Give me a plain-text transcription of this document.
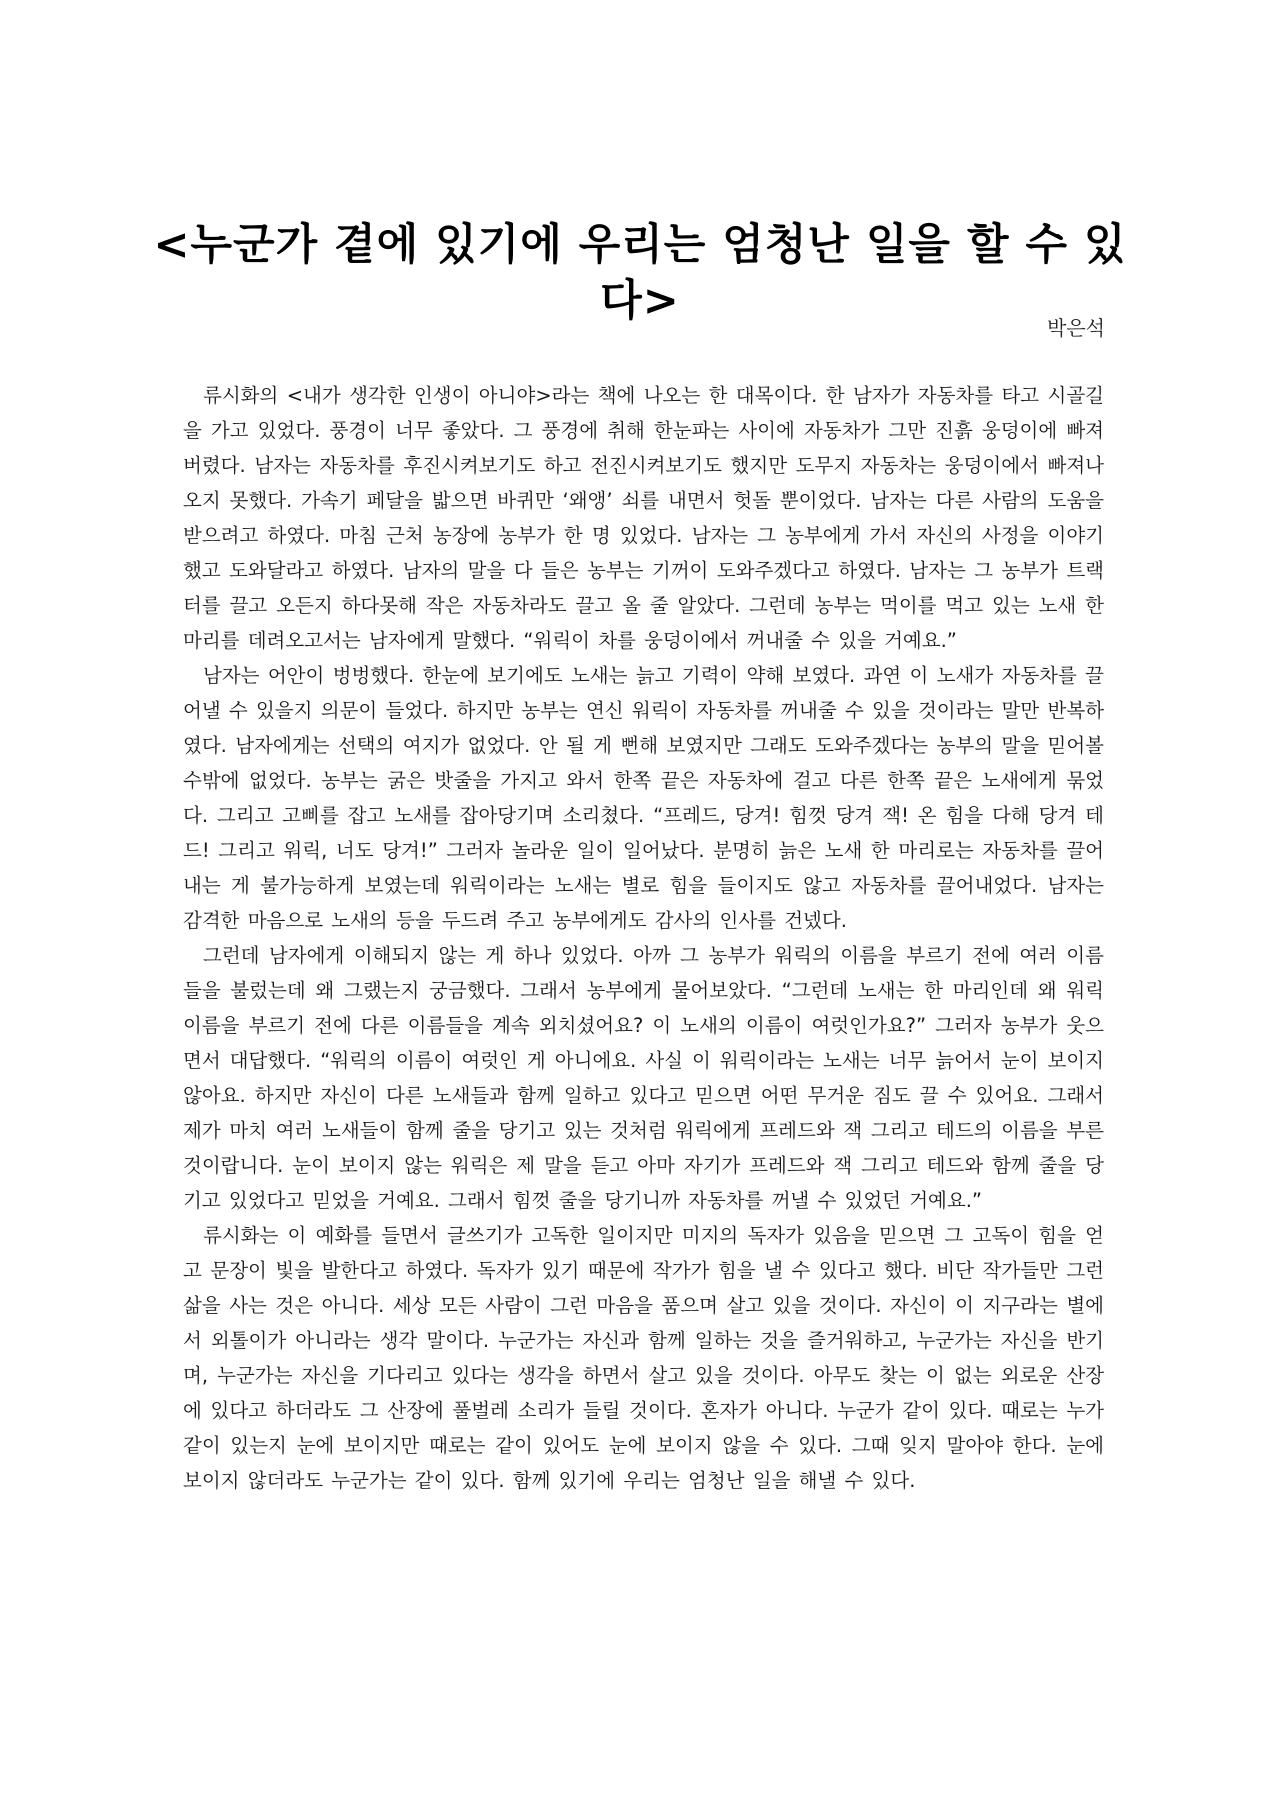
<누군가 곁에 있기에 우리는 엄청난 일을 할 수 있다>
박은석

류시화의 <내가 생각한 인생이 아니야>라는 책에 나오는 한 대목이다. 한 남자가 자동차를 타고 시골길을 가고 있었다. 풍경이 너무 좋았다. 그 풍경에 취해 한눈파는 사이에 자동차가 그만 진흙 웅덩이에 빠져버렸다. 남자는 자동차를 후진시켜보기도 하고 전진시켜보기도 했지만 도무지 자동차는 웅덩이에서 빠져나오지 못했다. 가속기 페달을 밟으면 바퀴만 ‘왜앵’ 쇠를 내면서 헛돌 뿐이었다. 남자는 다른 사람의 도움을 받으려고 하였다. 마침 근처 농장에 농부가 한 명 있었다. 남자는 그 농부에게 가서 자신의 사정을 이야기했고 도와달라고 하였다. 남자의 말을 다 들은 농부는 기꺼이 도와주겠다고 하였다. 남자는 그 농부가 트랙터를 끌고 오든지 하다못해 작은 자동차라도 끌고 올 줄 알았다. 그런데 농부는 먹이를 먹고 있는 노새 한 마리를 데려오고서는 남자에게 말했다. “워릭이 차를 웅덩이에서 꺼내줄 수 있을 거예요.”

남자는 어안이 벙벙했다. 한눈에 보기에도 노새는 늙고 기력이 약해 보였다. 과연 이 노새가 자동차를 끌어낼 수 있을지 의문이 들었다. 하지만 농부는 연신 워릭이 자동차를 꺼내줄 수 있을 것이라는 말만 반복하였다. 남자에게는 선택의 여지가 없었다. 안 될 게 뻔해 보였지만 그래도 도와주겠다는 농부의 말을 믿어볼 수밖에 없었다. 농부는 굵은 밧줄을 가지고 와서 한쪽 끝은 자동차에 걸고 다른 한쪽 끝은 노새에게 묶었다. 그리고 고삐를 잡고 노새를 잡아당기며 소리쳤다. “프레드, 당겨! 힘껏 당겨 잭! 온 힘을 다해 당겨 테드! 그리고 워릭, 너도 당겨!” 그러자 놀라운 일이 일어났다. 분명히 늙은 노새 한 마리로는 자동차를 끌어내는 게 불가능하게 보였는데 워릭이라는 노새는 별로 힘을 들이지도 않고 자동차를 끌어내었다. 남자는 감격한 마음으로 노새의 등을 두드려 주고 농부에게도 감사의 인사를 건넸다.

그런데 남자에게 이해되지 않는 게 하나 있었다. 아까 그 농부가 워릭의 이름을 부르기 전에 여러 이름들을 불렀는데 왜 그랬는지 궁금했다. 그래서 농부에게 물어보았다. “그런데 노새는 한 마리인데 왜 워릭 이름을 부르기 전에 다른 이름들을 계속 외치셨어요? 이 노새의 이름이 여럿인가요?” 그러자 농부가 웃으면서 대답했다. “워릭의 이름이 여럿인 게 아니에요. 사실 이 워릭이라는 노새는 너무 늙어서 눈이 보이지 않아요. 하지만 자신이 다른 노새들과 함께 일하고 있다고 믿으면 어떤 무거운 짐도 끌 수 있어요. 그래서 제가 마치 여러 노새들이 함께 줄을 당기고 있는 것처럼 워릭에게 프레드와 잭 그리고 테드의 이름을 부른 것이랍니다. 눈이 보이지 않는 워릭은 제 말을 듣고 아마 자기가 프레드와 잭 그리고 테드와 함께 줄을 당기고 있었다고 믿었을 거예요. 그래서 힘껏 줄을 당기니까 자동차를 꺼낼 수 있었던 거예요.”

류시화는 이 예화를 들면서 글쓰기가 고독한 일이지만 미지의 독자가 있음을 믿으면 그 고독이 힘을 얻고 문장이 빛을 발한다고 하였다. 독자가 있기 때문에 작가가 힘을 낼 수 있다고 했다. 비단 작가들만 그런 삶을 사는 것은 아니다. 세상 모든 사람이 그런 마음을 품으며 살고 있을 것이다. 자신이 이 지구라는 별에서 외톨이가 아니라는 생각 말이다. 누군가는 자신과 함께 일하는 것을 즐거워하고, 누군가는 자신을 반기며, 누군가는 자신을 기다리고 있다는 생각을 하면서 살고 있을 것이다. 아무도 찾는 이 없는 외로운 산장에 있다고 하더라도 그 산장에 풀벌레 소리가 들릴 것이다. 혼자가 아니다. 누군가 같이 있다. 때로는 누가 같이 있는지 눈에 보이지만 때로는 같이 있어도 눈에 보이지 않을 수 있다. 그때 잊지 말아야 한다. 눈에 보이지 않더라도 누군가는 같이 있다. 함께 있기에 우리는 엄청난 일을 해낼 수 있다.
